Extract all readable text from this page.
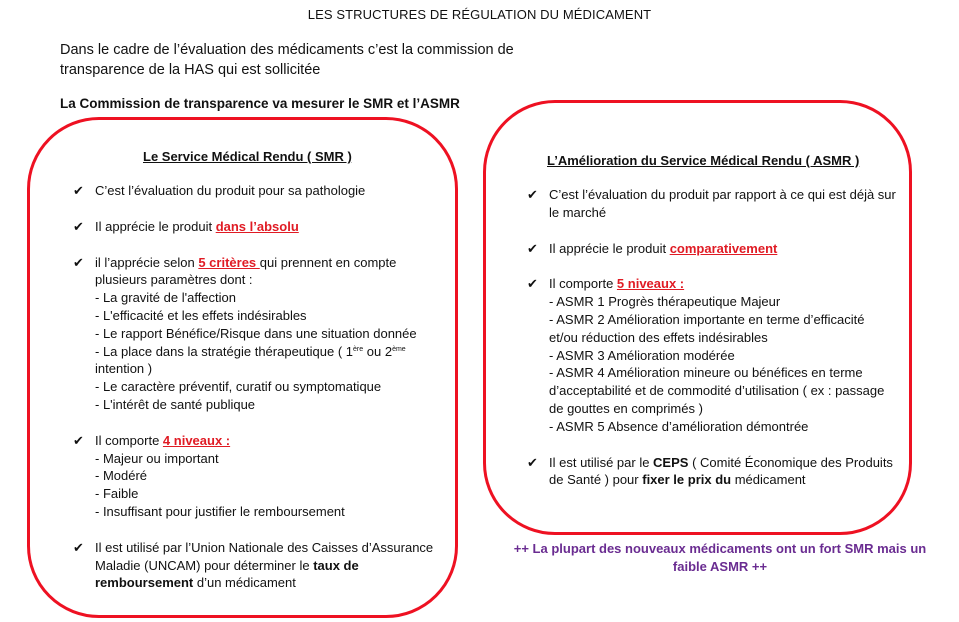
LES STRUCTURES DE RÉGULATION DU MÉDICAMENT
Dans le cadre de l’évaluation des médicaments c’est la commission de transparence de la HAS qui est sollicitée
La Commission de transparence va mesurer le SMR et l’ASMR
Le Service Médical Rendu ( SMR )	L’Amélioration du Service Médical Rendu ( ASMR )
✔ C’est l’évaluation du produit pour sa pathologie
✔ Il apprécie le produit dans l’absolu
✔ il l’apprécie selon 5 critères qui prennent en compte plusieurs paramètres dont :
- La gravité de l'affection
- L'efficacité et les effets indésirables
- Le rapport Bénéfice/Risque dans une situation donnée
- La place dans la stratégie thérapeutique ( 1ère ou 2ème intention )
- Le caractère préventif, curatif ou symptomatique
- L'intérêt de santé publique
✔ Il comporte 4 niveaux :
- Majeur ou important
- Modéré
- Faible
- Insuffisant pour justifier le remboursement
✔ Il est utilisé par l’Union Nationale des Caisses d’Assurance Maladie (UNCAM) pour déterminer le taux de remboursement d’un médicament
✔ C’est l’évaluation du produit par rapport à ce qui est déjà sur le marché
✔ Il apprécie le produit comparativement
✔ Il comporte 5 niveaux :
- ASMR 1 Progrès thérapeutique Majeur
- ASMR 2 Amélioration importante en terme d’efficacité et/ou réduction des effets indésirables
- ASMR 3 Amélioration modérée
- ASMR 4 Amélioration mineure ou bénéfices en terme d’acceptabilité et de commodité d’utilisation ( ex : passage de gouttes en comprimés )
- ASMR 5 Absence d’amélioration démontrée
✔ Il est utilisé par le CEPS ( Comité Économique des Produits de Santé ) pour fixer le prix du médicament
++ La plupart des nouveaux médicaments ont un fort SMR mais un faible ASMR ++
